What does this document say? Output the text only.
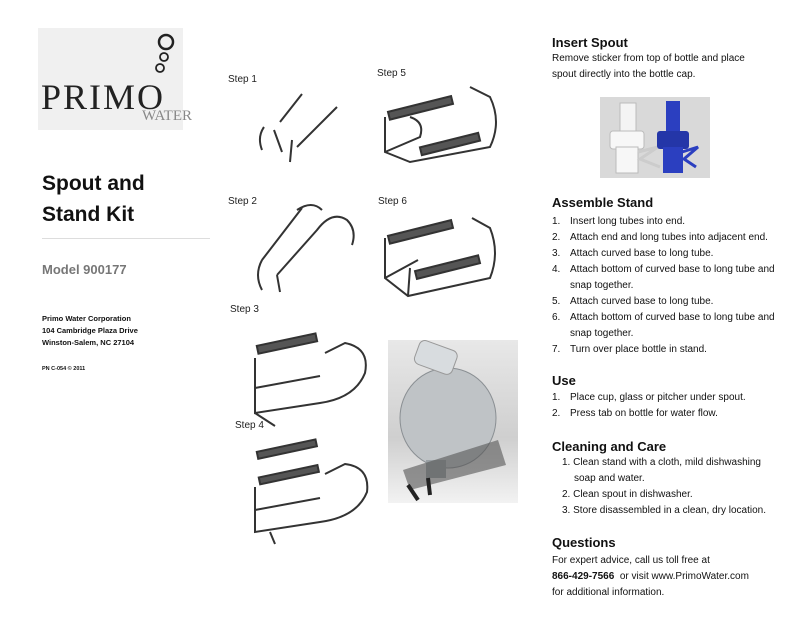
PRIMO
WATER
Spout and
Stand Kit
Model 900177
Primo Water Corporation
104 Cambridge Plaza Drive
Winston-Salem, NC 27104
PN C-054 © 2011
Step 1
Step 2
Step 3
Step 4
Step 5
Step 6
Insert Spout
Remove sticker from top of bottle and place spout directly into the bottle cap.
Assemble Stand
1. Insert long tubes into end.
2. Attach end and long tubes into adjacent end.
3. Attach curved base to long tube.
4. Attach bottom of curved base to long tube and snap together.
5. Attach curved base to long tube.
6. Attach bottom of curved base to long tube and snap together.
7. Turn over place bottle in stand.
Use
1. Place cup, glass or pitcher under spout.
2. Press tab on bottle for water flow.
Cleaning and Care
1. Clean stand with a cloth, mild dishwashing soap and water.
2. Clean spout in dishwasher.
3. Store disassembled in a clean, dry location.
Questions
For expert advice, call us toll free at
866-429-7566  or visit www.PrimoWater.com
for additional information.
